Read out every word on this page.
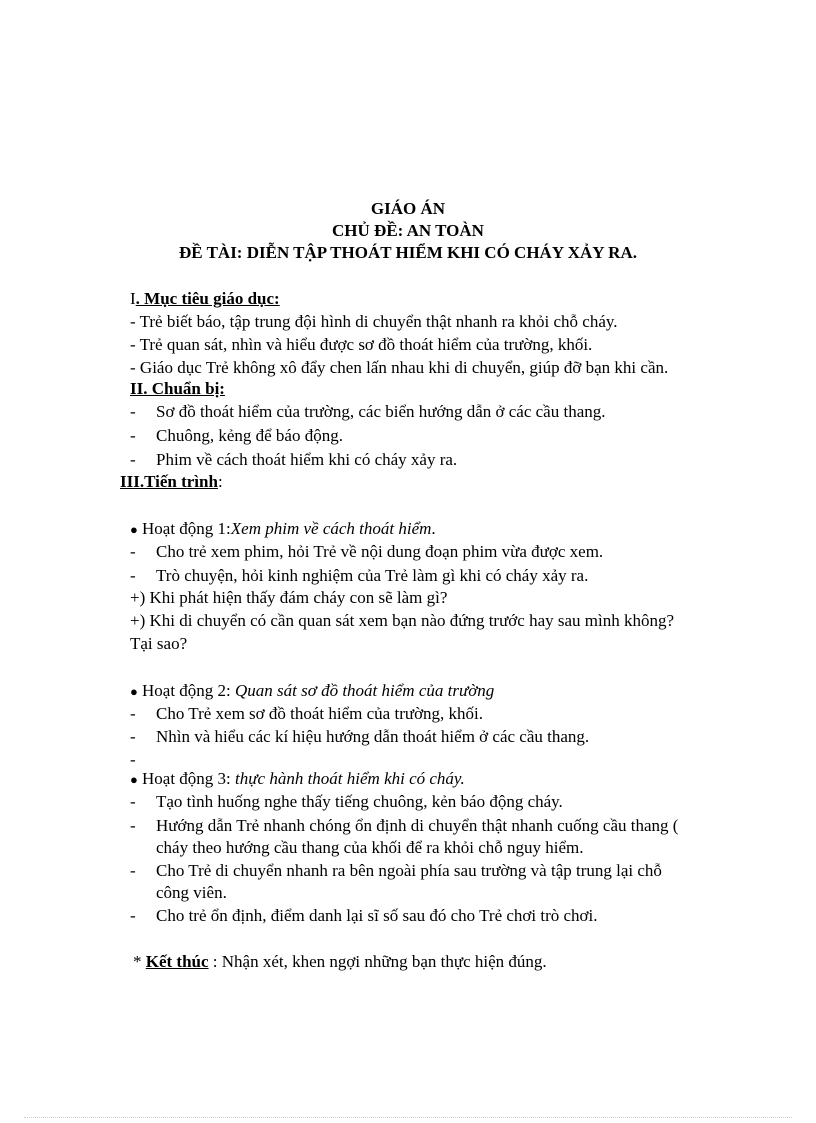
GIÁO ÁN
CHỦ ĐỀ: AN TOÀN
ĐỀ TÀI: DIỄN TẬP THOÁT HIỂM KHI CÓ CHÁY XẢY RA.
I. Mục tiêu giáo dục:
- Trẻ biết báo, tập trung đội hình di chuyển thật nhanh ra khỏi chỗ cháy.
- Trẻ quan sát, nhìn và hiểu được sơ đồ thoát hiểm của trường, khối.
- Giáo dục Trẻ không xô đẩy chen lấn nhau khi di chuyển, giúp đỡ bạn khi cần.
II. Chuẩn bị:
- Sơ đồ thoát hiểm của trường, các biển hướng dẫn ở các cầu thang.
- Chuông, kẻng để báo động.
- Phim về cách thoát hiểm khi có cháy xảy ra.
III.Tiến trình:
● Hoạt động 1:Xem phim về cách thoát hiểm.
- Cho trẻ xem phim, hỏi Trẻ về nội dung đoạn phim vừa được xem.
- Trò chuyện, hỏi kinh nghiệm của Trẻ làm gì khi có cháy xảy ra.
+) Khi phát hiện thấy đám cháy con sẽ làm gì?
+) Khi di chuyển có cần quan sát xem bạn nào đứng trước hay sau mình không?
Tại sao?
● Hoạt động 2: Quan sát sơ đồ thoát hiểm của trường
- Cho Trẻ xem sơ đồ thoát hiểm của trường, khối.
- Nhìn và hiểu các kí hiệu hướng dẫn thoát hiểm ở các cầu thang.
-
● Hoạt động 3: thực hành thoát hiểm khi có cháy.
- Tạo tình huống nghe thấy tiếng chuông, kẻn báo động cháy.
- Hướng dẫn Trẻ nhanh chóng ổn định di chuyển thật nhanh cuống cầu thang (
cháy theo hướng cầu thang của khối để ra khỏi chỗ nguy hiểm.
- Cho Trẻ di chuyển nhanh ra bên ngoài phía sau trường và tập trung lại chỗ
công viên.
- Cho trẻ ổn định, điểm danh lại sĩ số sau đó cho Trẻ chơi trò chơi.
* Kết thúc : Nhận xét, khen ngợi những bạn thực hiện đúng.
